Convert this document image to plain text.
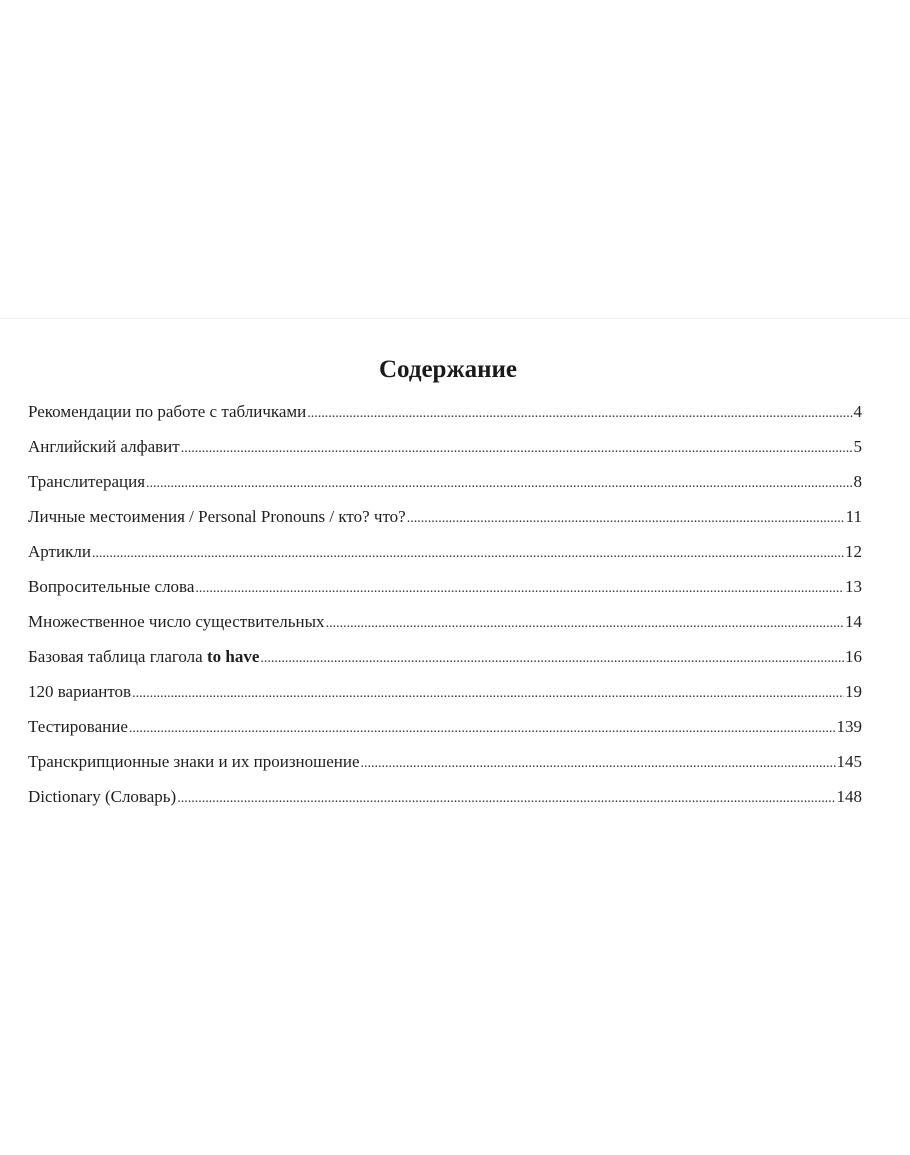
Содержание
Рекомендации по работе с табличками .....	4
Английский алфавит .....	5
Транслитерация .....	8
Личные местоимения / Personal Pronouns / кто? что? .....	11
Артикли .....	12
Вопросительные слова .....	13
Множественное число существительных .....	14
Базовая таблица глагола to have .....	16
120 вариантов .....	19
Тестирование .....	139
Транскрипционные знаки и их произношение .....	145
Dictionary (Словарь) .....	148
